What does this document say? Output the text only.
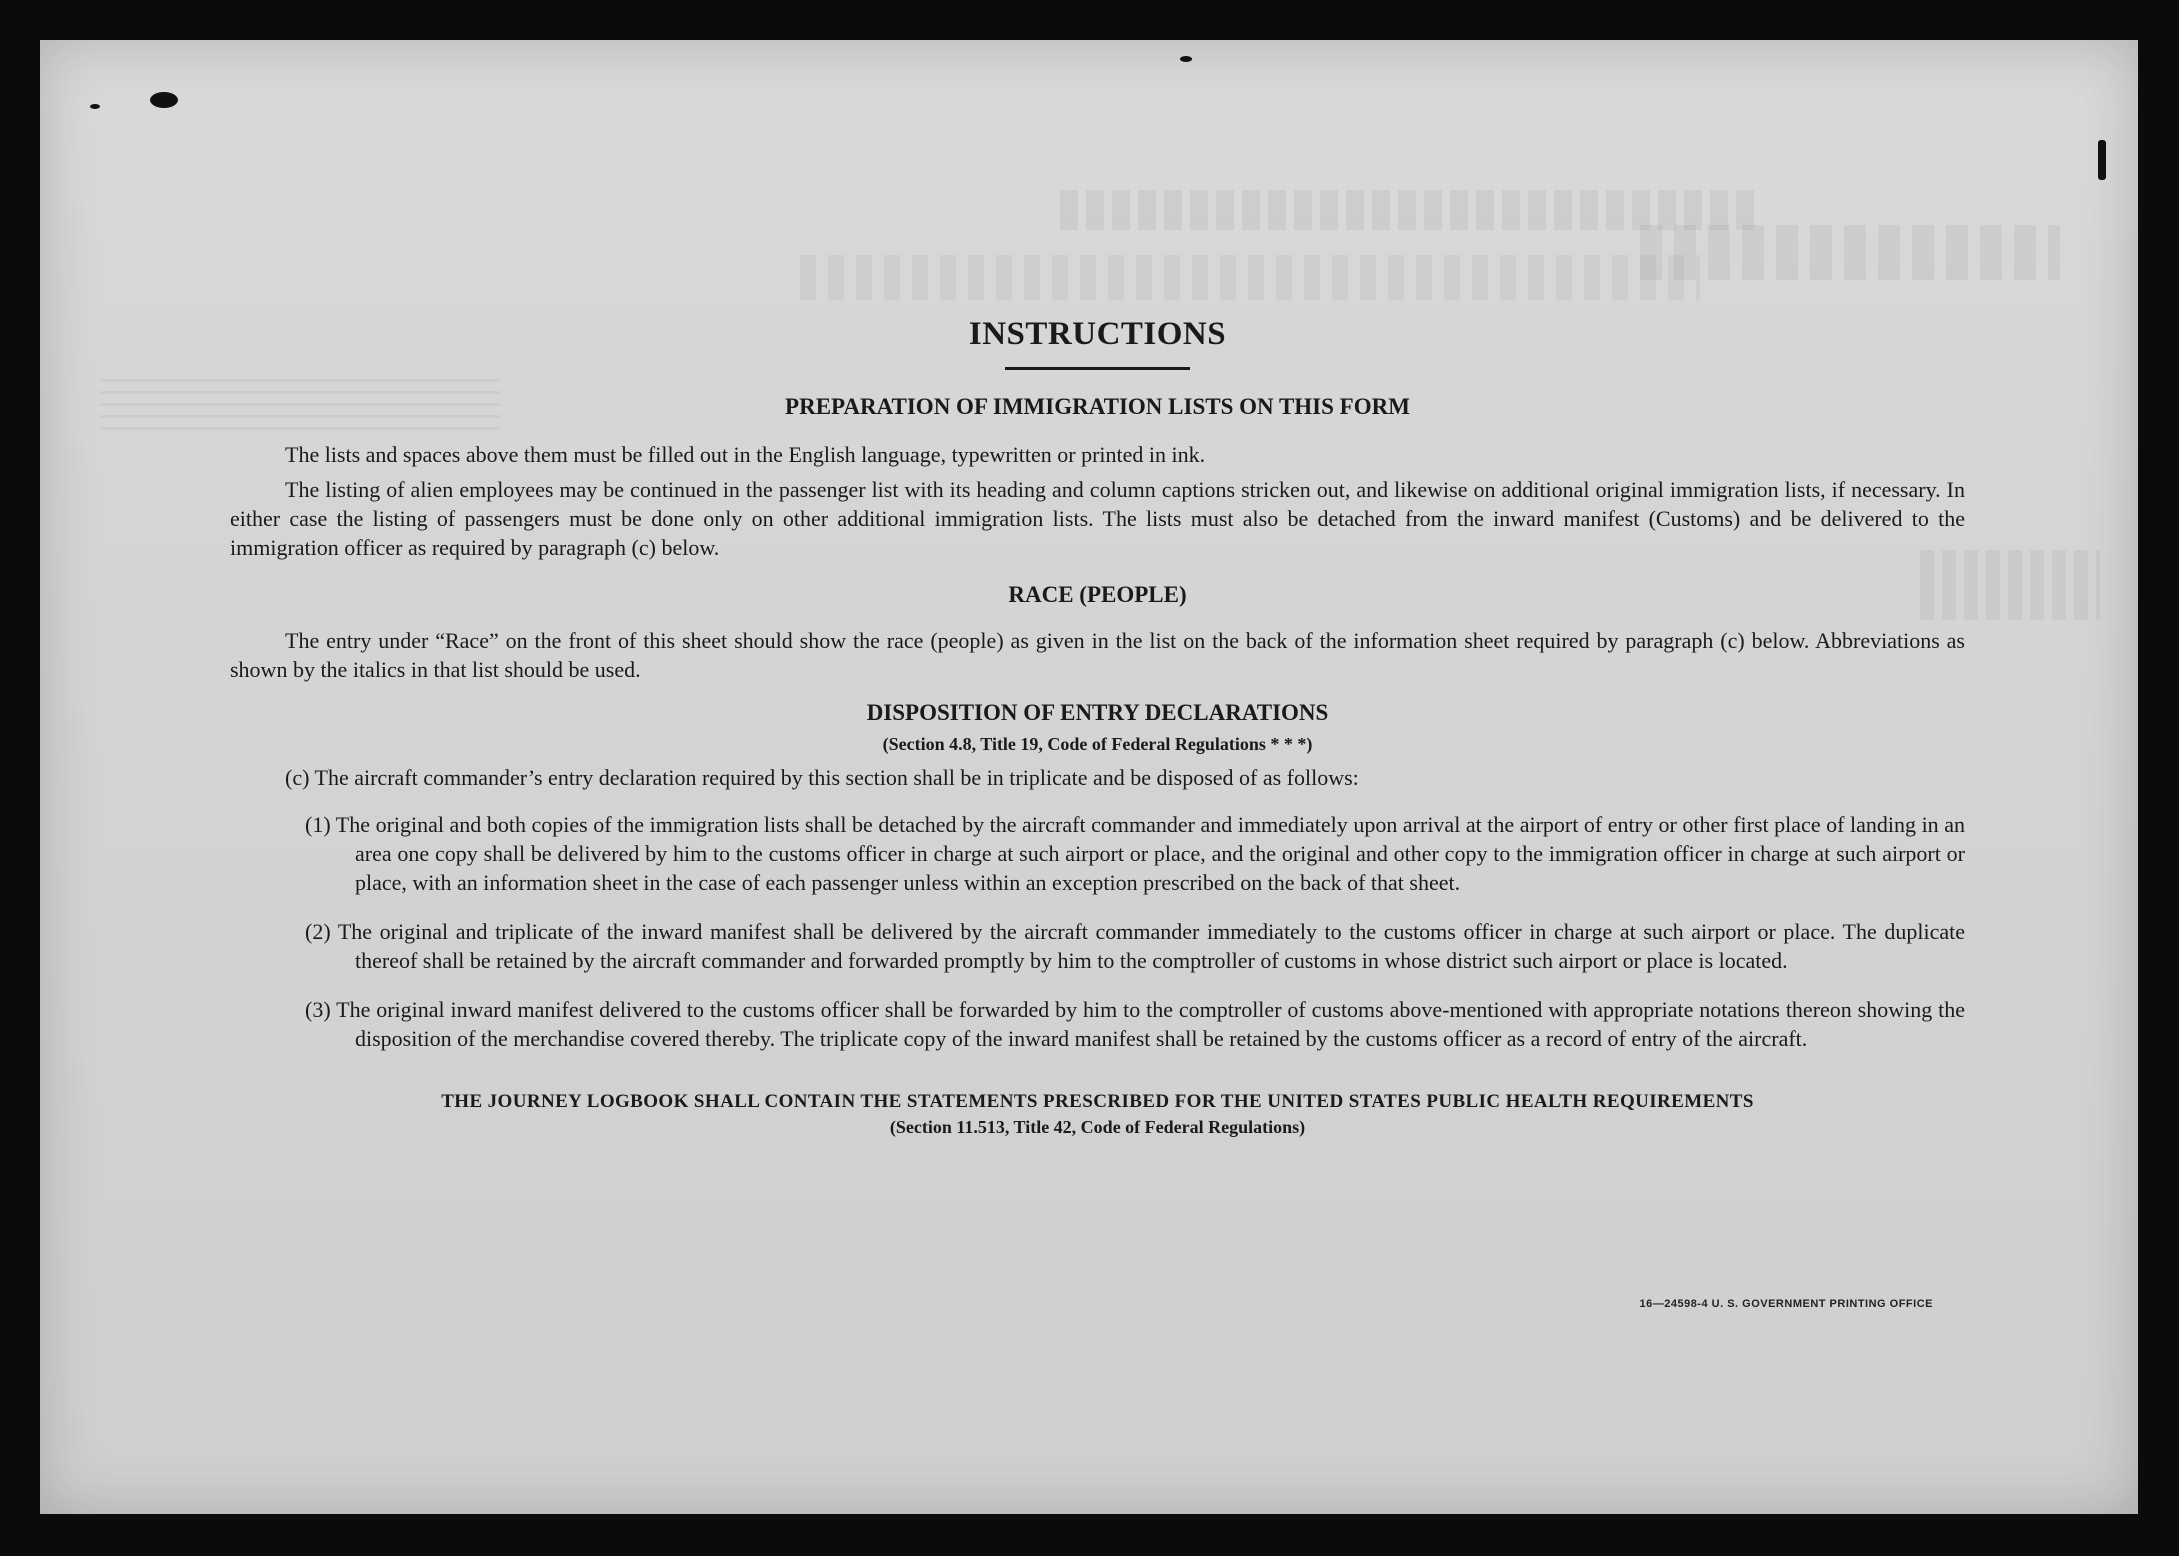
INSTRUCTIONS
PREPARATION OF IMMIGRATION LISTS ON THIS FORM

The lists and spaces above them must be filled out in the English language, typewritten or printed in ink.

The listing of alien employees may be continued in the passenger list with its heading and column captions stricken out, and likewise on additional original immigration lists, if necessary. In either case the listing of passengers must be done only on other additional immigration lists. The lists must also be detached from the inward manifest (Customs) and be delivered to the immigration officer as required by paragraph (c) below.

RACE (PEOPLE)

The entry under “Race” on the front of this sheet should show the race (people) as given in the list on the back of the information sheet required by paragraph (c) below. Abbreviations as shown by the italics in that list should be used.

DISPOSITION OF ENTRY DECLARATIONS
(Section 4.8, Title 19, Code of Federal Regulations * * *)

(c) The aircraft commander’s entry declaration required by this section shall be in triplicate and be disposed of as follows:

(1) The original and both copies of the immigration lists shall be detached by the aircraft commander and immediately upon arrival at the airport of entry or other first place of landing in an area one copy shall be delivered by him to the customs officer in charge at such airport or place, and the original and other copy to the immigration officer in charge at such airport or place, with an information sheet in the case of each passenger unless within an exception prescribed on the back of that sheet.

(2) The original and triplicate of the inward manifest shall be delivered by the aircraft commander immediately to the customs officer in charge at such airport or place. The duplicate thereof shall be retained by the aircraft commander and forwarded promptly by him to the comptroller of customs in whose district such airport or place is located.

(3) The original inward manifest delivered to the customs officer shall be forwarded by him to the comptroller of customs above-mentioned with appropriate notations thereon showing the disposition of the merchandise covered thereby. The triplicate copy of the inward manifest shall be retained by the customs officer as a record of entry of the aircraft.

THE JOURNEY LOGBOOK SHALL CONTAIN THE STATEMENTS PRESCRIBED FOR THE UNITED STATES PUBLIC HEALTH REQUIREMENTS
(Section 11.513, Title 42, Code of Federal Regulations)
16—24598-4 U. S. GOVERNMENT PRINTING OFFICE
